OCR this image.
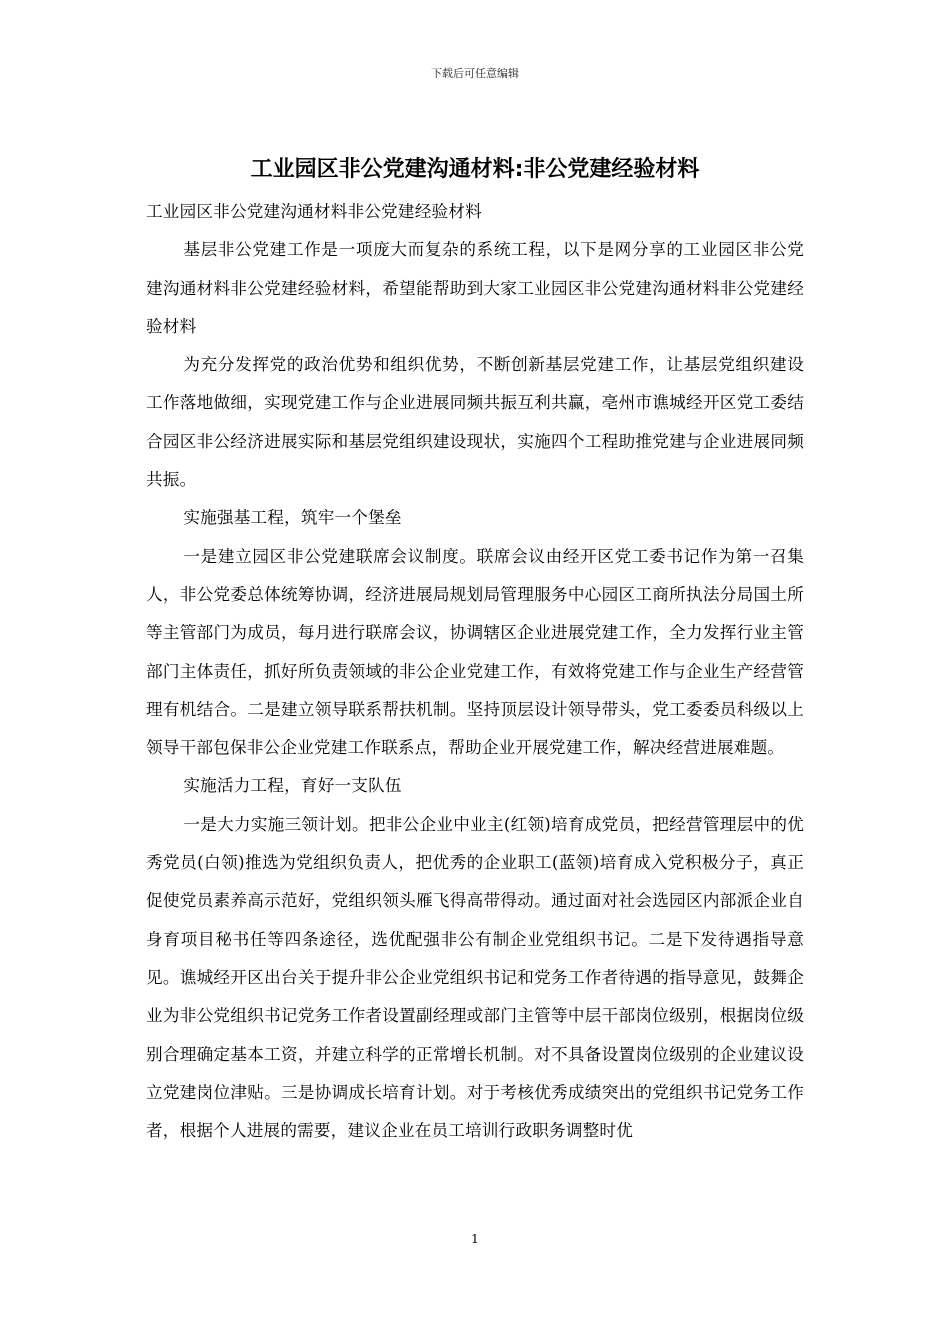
下载后可任意编辑
工业园区非公党建沟通材料:非公党建经验材料

工业园区非公党建沟通材料非公党建经验材料

基层非公党建工作是一项庞大而复杂的系统工程，以下是网分享的工业园区非公党建沟通材料非公党建经验材料，希望能帮助到大家工业园区非公党建沟通材料非公党建经验材料

为充分发挥党的政治优势和组织优势，不断创新基层党建工作，让基层党组织建设工作落地做细，实现党建工作与企业进展同频共振互利共赢，亳州市谯城经开区党工委结合园区非公经济进展实际和基层党组织建设现状，实施四个工程助推党建与企业进展同频共振。

实施强基工程，筑牢一个堡垒

一是建立园区非公党建联席会议制度。联席会议由经开区党工委书记作为第一召集人，非公党委总体统筹协调，经济进展局规划局管理服务中心园区工商所执法分局国土所等主管部门为成员，每月进行联席会议，协调辖区企业进展党建工作，全力发挥行业主管部门主体责任，抓好所负责领域的非公企业党建工作，有效将党建工作与企业生产经营管理有机结合。二是建立领导联系帮扶机制。坚持顶层设计领导带头，党工委委员科级以上领导干部包保非公企业党建工作联系点，帮助企业开展党建工作，解决经营进展难题。

实施活力工程，育好一支队伍

一是大力实施三领计划。把非公企业中业主(红领)培育成党员，把经营管理层中的优秀党员(白领)推选为党组织负责人，把优秀的企业职工(蓝领)培育成入党积极分子，真正促使党员素养高示范好，党组织领头雁飞得高带得动。通过面对社会选园区内部派企业自身育项目秘书任等四条途径，选优配强非公有制企业党组织书记。二是下发待遇指导意见。谯城经开区出台关于提升非公企业党组织书记和党务工作者待遇的指导意见，鼓舞企业为非公党组织书记党务工作者设置副经理或部门主管等中层干部岗位级别，根据岗位级别合理确定基本工资，并建立科学的正常增长机制。对不具备设置岗位级别的企业建议设立党建岗位津贴。三是协调成长培育计划。对于考核优秀成绩突出的党组织书记党务工作者，根据个人进展的需要，建议企业在员工培训行政职务调整时优

1
